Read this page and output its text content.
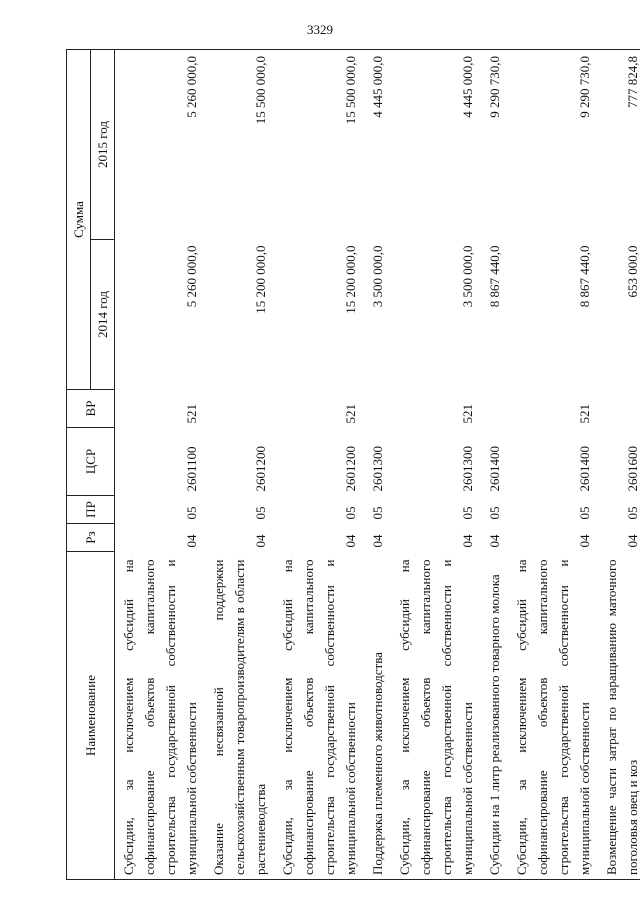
3329
Наименование	Рз	ПР	ЦСР	ВР	Сумма	
					2014 год	2015 год
Субсидии, за исключением субсидий на софинансирование объектов капитального строительства государственной собственности и муниципальной собственности	04	05	2601100	521	5 260 000,0	5 260 000,0
Оказание несвязанной поддержки сельскохозяйственным товаропроизводителям в области растениеводства	04	05	2601200		15 200 000,0	15 500 000,0
Субсидии, за исключением субсидий на софинансирование объектов капитального строительства государственной собственности и муниципальной собственности	04	05	2601200	521	15 200 000,0	15 500 000,0
Поддержка племенного животноводства	04	05	2601300		3 500 000,0	4 445 000,0
Субсидии, за исключением субсидий на софинансирование объектов капитального строительства государственной собственности и муниципальной собственности	04	05	2601300	521	3 500 000,0	4 445 000,0
Субсидии на 1 литр реализованного товарного молока	04	05	2601400		8 867 440,0	9 290 730,0
Субсидии, за исключением субсидий на софинансирование объектов капитального строительства государственной собственности и муниципальной собственности	04	05	2601400	521	8 867 440,0	9 290 730,0
Возмещение части затрат по наращиванию маточного поголовья овец и коз	04	05	2601600		653 000,0	777 824,8
